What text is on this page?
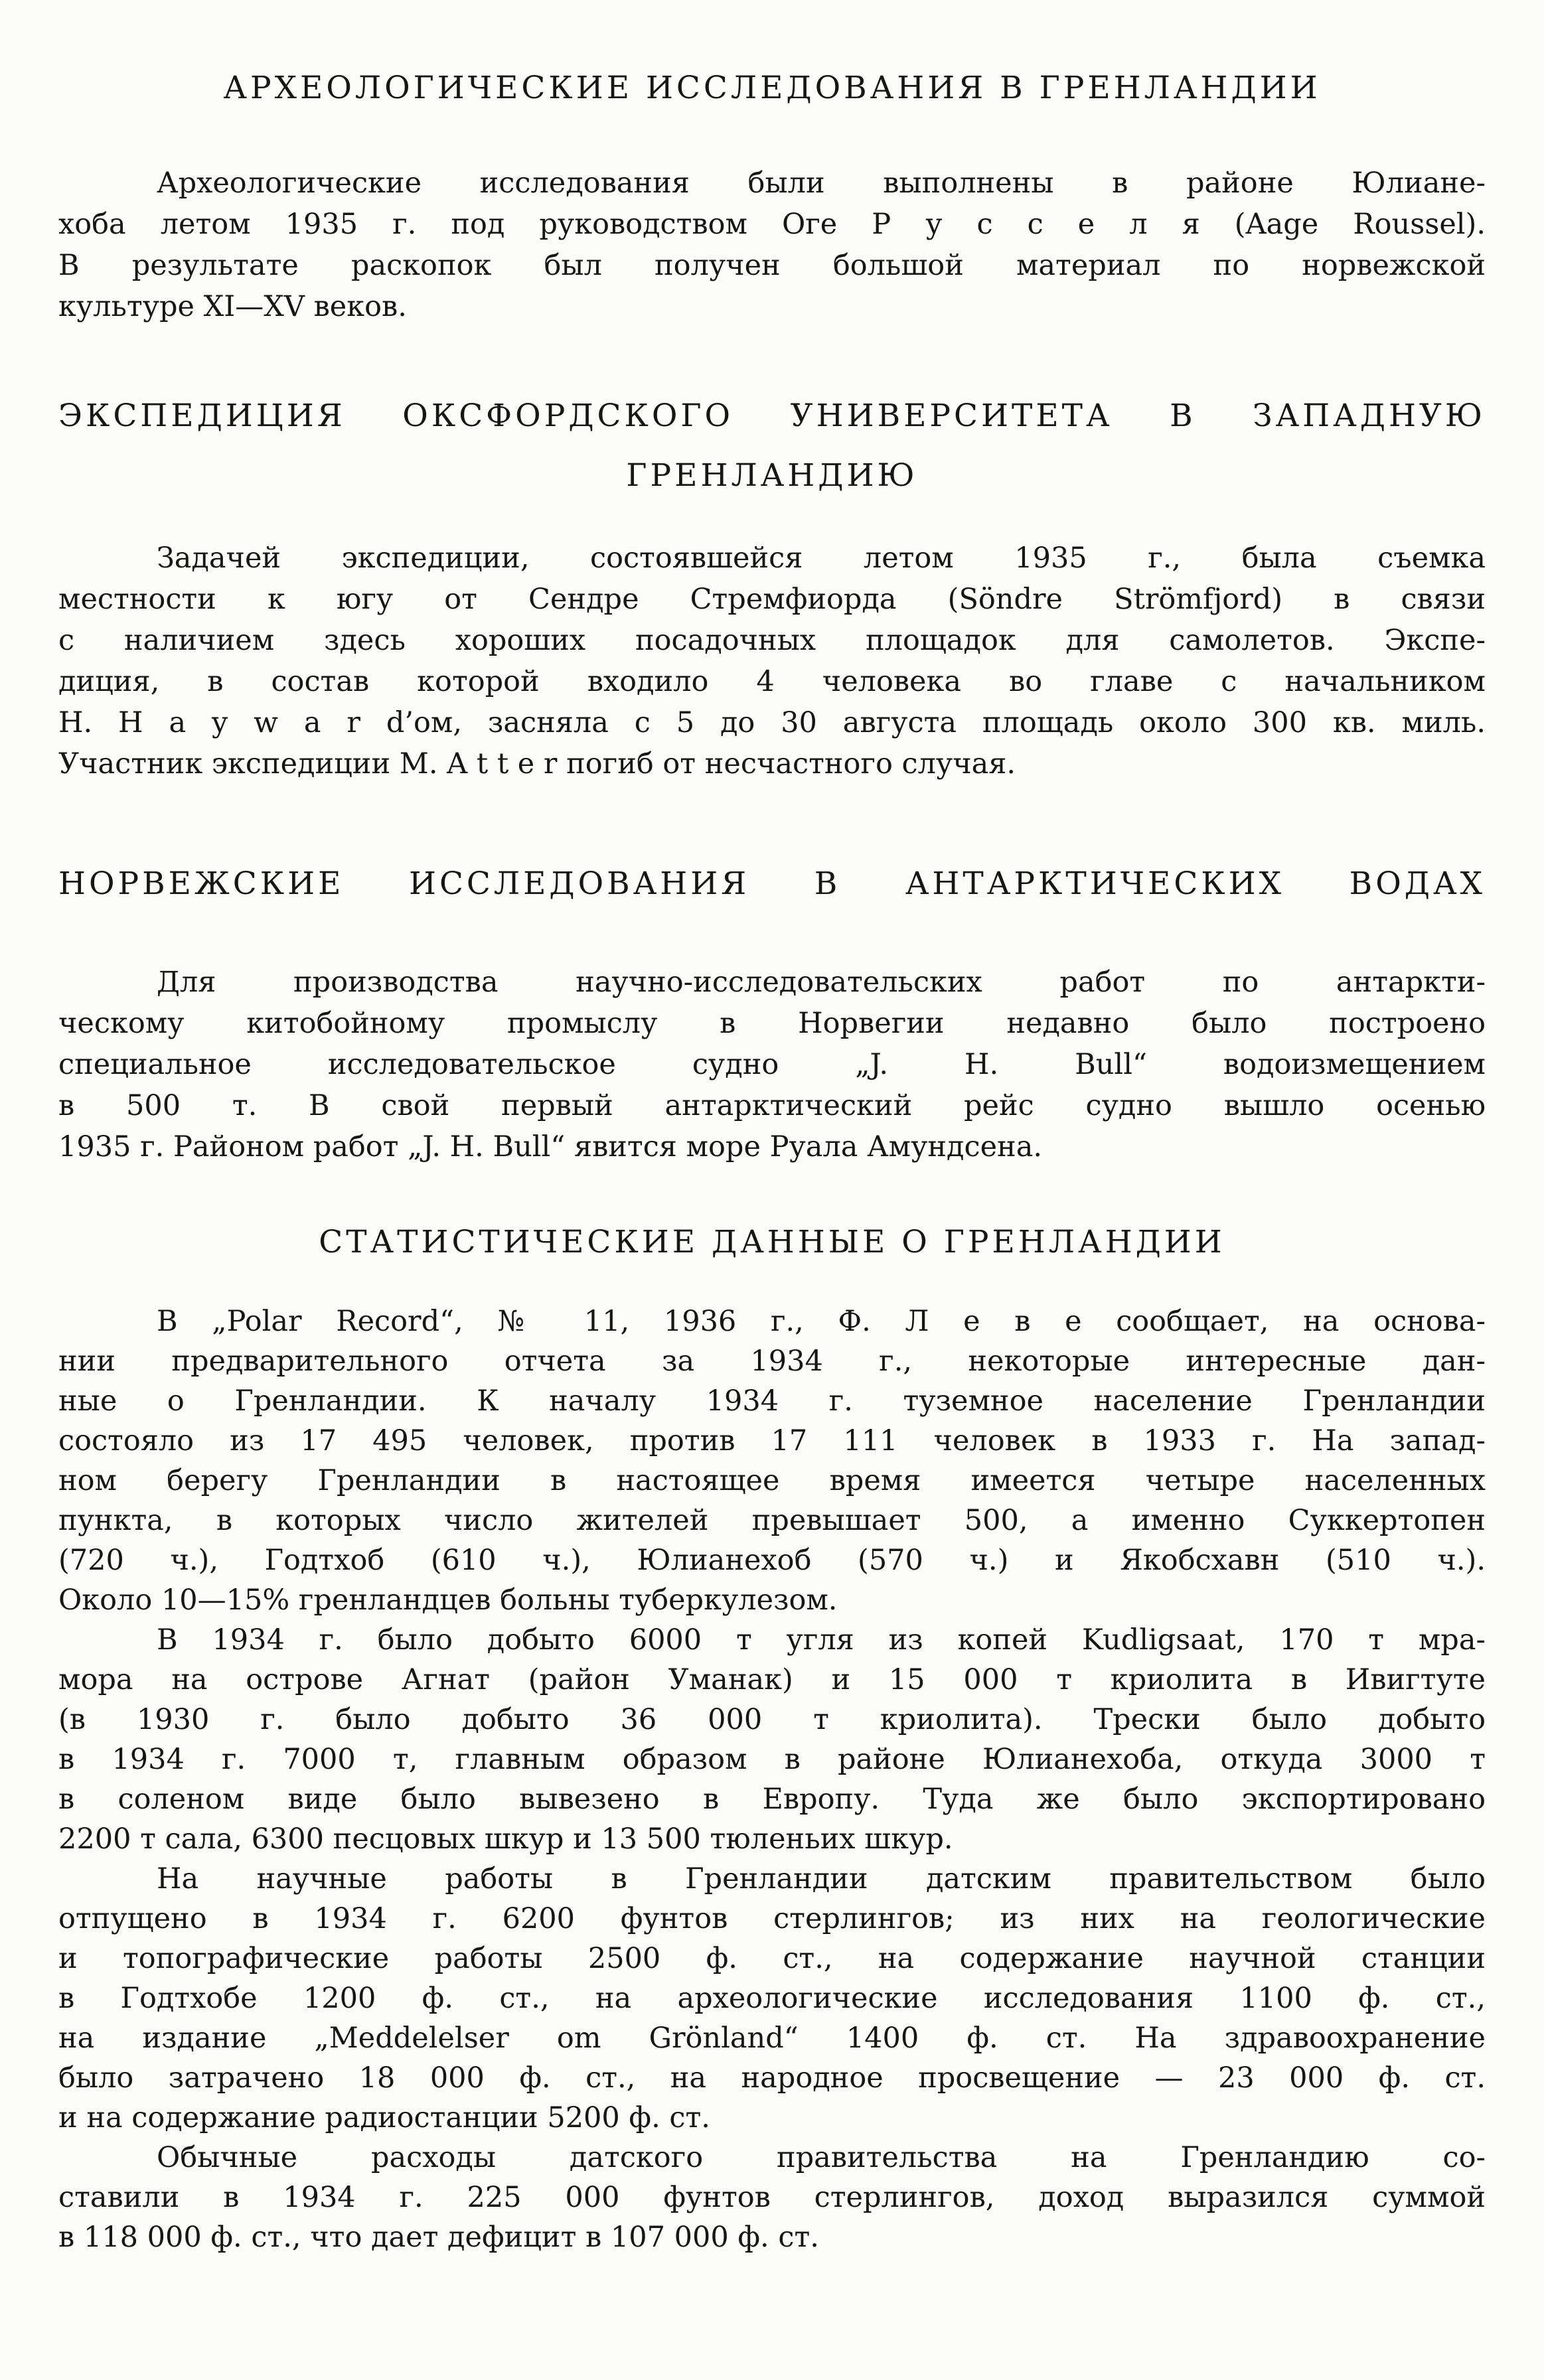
АРХЕОЛОГИЧЕСКИЕ ИССЛЕДОВАНИЯ В ГРЕНЛАНДИИ
Археологические исследования были выполнены в районе Юлиане-
хоба летом 1935 г. под руководством Оге Р у с с е л я (Aage Roussel).
В результате раскопок был получен большой материал по норвежской
культуре XI—XV веков.
ЭКСПЕДИЦИЯ ОКСФОРДСКОГО УНИВЕРСИТЕТА В ЗАПАДНУЮ
ГРЕНЛАНДИЮ
Задачей экспедиции, состоявшейся летом 1935 г., была съемка
местности к югу от Сендре Стремфиорда (Söndre Strömfjord) в связи
с наличием здесь хороших посадочных площадок для самолетов. Экспе-
диция, в состав которой входило 4 человека во главе с начальником
H. H a y w a r d’ом, засняла с 5 до 30 августа площадь около 300 кв. миль.
Участник экспедиции М. A t t e r погиб от несчастного случая.
НОРВЕЖСКИЕ ИССЛЕДОВАНИЯ В АНТАРКТИЧЕСКИХ ВОДАХ
Для производства научно-исследовательских работ по антаркти-
ческому китобойному промыслу в Норвегии недавно было построено
специальное исследовательское судно „J. H. Bull“ водоизмещением
в 500 т. В свой первый антарктический рейс судно вышло осенью
1935 г. Районом работ „J. H. Bull“ явится море Руала Амундсена.
СТАТИСТИЧЕСКИЕ ДАННЫЕ О ГРЕНЛАНДИИ
В „Polar Record“, № 11, 1936 г., Ф. Л е в е сообщает, на основа-
нии предварительного отчета за 1934 г., некоторые интересные дан-
ные о Гренландии. К началу 1934 г. туземное население Гренландии
состояло из 17 495 человек, против 17 111 человек в 1933 г. На запад-
ном берегу Гренландии в настоящее время имеется четыре населенных
пункта, в которых число жителей превышает 500, а именно Суккертопен
(720 ч.), Годтхоб (610 ч.), Юлианехоб (570 ч.) и Якобсхавн (510 ч.).
Около 10—15% гренландцев больны туберкулезом.
В 1934 г. было добыто 6000 т угля из копей Kudligsaat, 170 т мра-
мора на острове Агнат (район Уманак) и 15 000 т криолита в Ивигтуте
(в 1930 г. было добыто 36 000 т криолита). Трески было добыто
в 1934 г. 7000 т, главным образом в районе Юлианехоба, откуда 3000 т
в соленом виде было вывезено в Европу. Туда же было экспортировано
2200 т сала, 6300 песцовых шкур и 13 500 тюленьих шкур.
На научные работы в Гренландии датским правительством было
отпущено в 1934 г. 6200 фунтов стерлингов; из них на геологические
и топографические работы 2500 ф. ст., на содержание научной станции
в Годтхобе 1200 ф. ст., на археологические исследования 1100 ф. ст.,
на издание „Meddelelser om Grönland“ 1400 ф. ст. На здравоохранение
было затрачено 18 000 ф. ст., на народное просвещение — 23 000 ф. ст.
и на содержание радиостанции 5200 ф. ст.
Обычные расходы датского правительства на Гренландию со-
ставили в 1934 г. 225 000 фунтов стерлингов, доход выразился суммой
в 118 000 ф. ст., что дает дефицит в 107 000 ф. ст.
